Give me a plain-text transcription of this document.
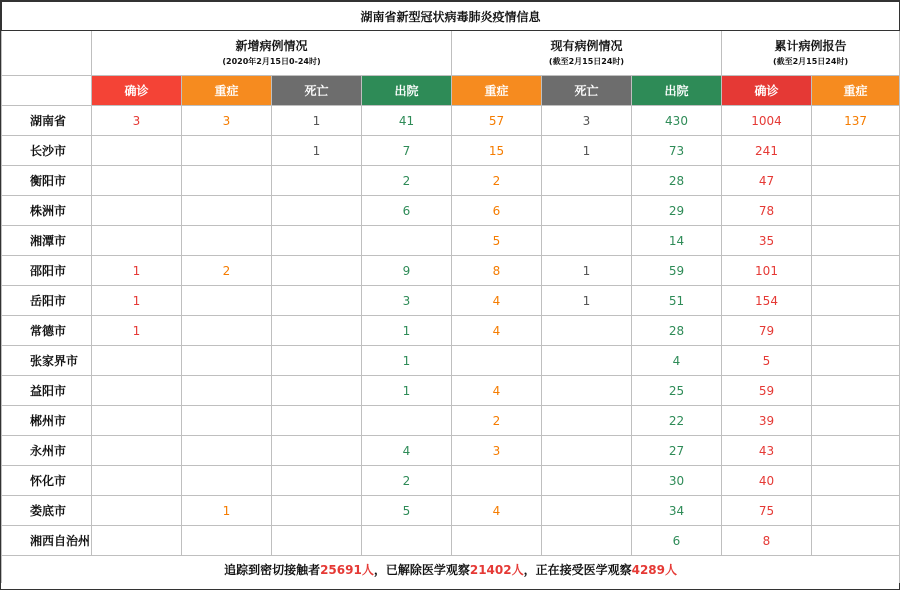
湖南省新型冠状病毒肺炎疫情信息									

	新增病例情况
(2020年2月15日0-24时)				现有病例情况
(截至2月15日24时)			累计病例报告
(截至2月15日24时)	

	确诊	重症	死亡	出院	重症	死亡	出院	确诊	重症
湖南省	3	3	1	41	57	3	430	1004	137
长沙市			1	7	15	1	73	241	
衡阳市				2	2		28	47	
株洲市				6	6		29	78	
湘潭市					5		14	35	
邵阳市	1	2		9	8	1	59	101	
岳阳市	1			3	4	1	51	154	
常德市	1			1	4		28	79	
张家界市				1			4	5	
益阳市				1	4		25	59	
郴州市					2		22	39	
永州市				4	3		27	43	
怀化市				2			30	40	
娄底市		1		5	4		34	75	
湘西自治州							6	8	
追踪到密切接触者25691人，已解除医学观察21402人，正在接受医学观察4289人									
